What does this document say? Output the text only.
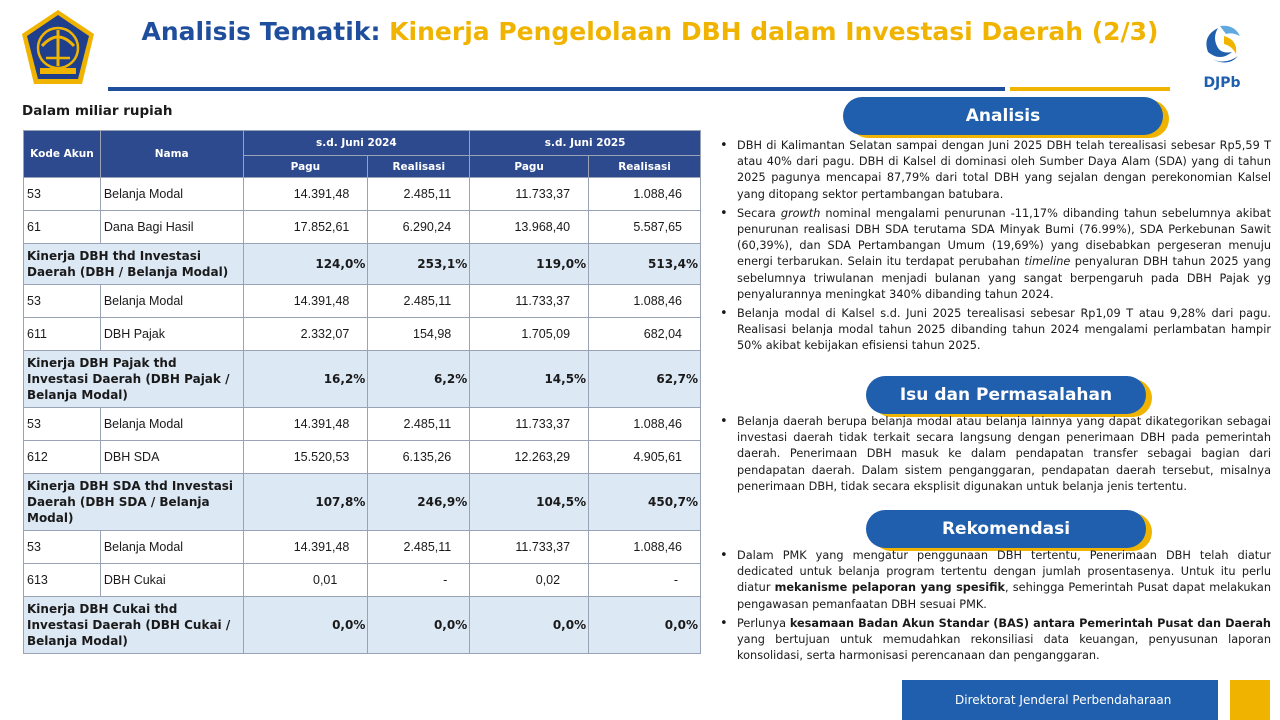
Analisis Tematik: Kinerja Pengelolaan DBH dalam Investasi Daerah (2/3)
DJPb
Dalam miliar rupiah
Kode Akun	Nama	s.d. Juni 2024		s.d. Juni 2025	
		Pagu	Realisasi	Pagu	Realisasi
53	Belanja Modal	14.391,48	2.485,11	11.733,37	1.088,46
61	Dana Bagi Hasil	17.852,61	6.290,24	13.968,40	5.587,65
Kinerja DBH thd Investasi Daerah (DBH / Belanja Modal)		124,0%	253,1%	119,0%	513,4%
53	Belanja Modal	14.391,48	2.485,11	11.733,37	1.088,46
611	DBH Pajak	2.332,07	154,98	1.705,09	682,04
Kinerja DBH Pajak thd Investasi Daerah (DBH Pajak / Belanja Modal)		16,2%	6,2%	14,5%	62,7%
53	Belanja Modal	14.391,48	2.485,11	11.733,37	1.088,46
612	DBH SDA	15.520,53	6.135,26	12.263,29	4.905,61
Kinerja DBH SDA thd Investasi Daerah (DBH SDA / Belanja Modal)		107,8%	246,9%	104,5%	450,7%
53	Belanja Modal	14.391,48	2.485,11	11.733,37	1.088,46
613	DBH Cukai	0,01	-	0,02	-
Kinerja DBH Cukai thd Investasi Daerah (DBH Cukai / Belanja Modal)		0,0%	0,0%	0,0%	0,0%
Analisis
• DBH di Kalimantan Selatan sampai dengan Juni 2025 DBH telah terealisasi sebesar Rp5,59 T atau 40% dari pagu. DBH di Kalsel di dominasi oleh Sumber Daya Alam (SDA) yang di tahun 2025 pagunya mencapai 87,79% dari total DBH yang sejalan dengan perekonomian Kalsel yang ditopang sektor pertambangan batubara.
• Secara growth nominal mengalami penurunan -11,17% dibanding tahun sebelumnya akibat penurunan realisasi DBH SDA terutama SDA Minyak Bumi (76.99%), SDA Perkebunan Sawit (60,39%), dan SDA Pertambangan Umum (19,69%) yang disebabkan pergeseran menuju energi terbarukan. Selain itu terdapat perubahan timeline penyaluran DBH tahun 2025 yang sebelumnya triwulanan menjadi bulanan yang sangat berpengaruh pada DBH Pajak yg penyalurannya meningkat 340% dibanding tahun 2024.
• Belanja modal di Kalsel s.d. Juni 2025 terealisasi sebesar Rp1,09 T atau 9,28% dari pagu. Realisasi belanja modal tahun 2025 dibanding tahun 2024 mengalami perlambatan hampir 50% akibat kebijakan efisiensi tahun 2025.
Isu dan Permasalahan
• Belanja daerah berupa belanja modal atau belanja lainnya yang dapat dikategorikan sebagai investasi daerah tidak terkait secara langsung dengan penerimaan DBH pada pemerintah daerah. Penerimaan DBH masuk ke dalam pendapatan transfer sebagai bagian dari pendapatan daerah. Dalam sistem penganggaran, pendapatan daerah tersebut, misalnya penerimaan DBH, tidak secara eksplisit digunakan untuk belanja jenis tertentu.
Rekomendasi
• Dalam PMK yang mengatur penggunaan DBH tertentu, Penerimaan DBH telah diatur dedicated untuk belanja program tertentu dengan jumlah prosentasenya. Untuk itu perlu diatur mekanisme pelaporan yang spesifik, sehingga Pemerintah Pusat dapat melakukan pengawasan pemanfaatan DBH sesuai PMK.
• Perlunya kesamaan Badan Akun Standar (BAS) antara Pemerintah Pusat dan Daerah yang bertujuan untuk memudahkan rekonsiliasi data keuangan, penyusunan laporan konsolidasi, serta harmonisasi perencanaan dan penganggaran.
Direktorat Jenderal Perbendaharaan
